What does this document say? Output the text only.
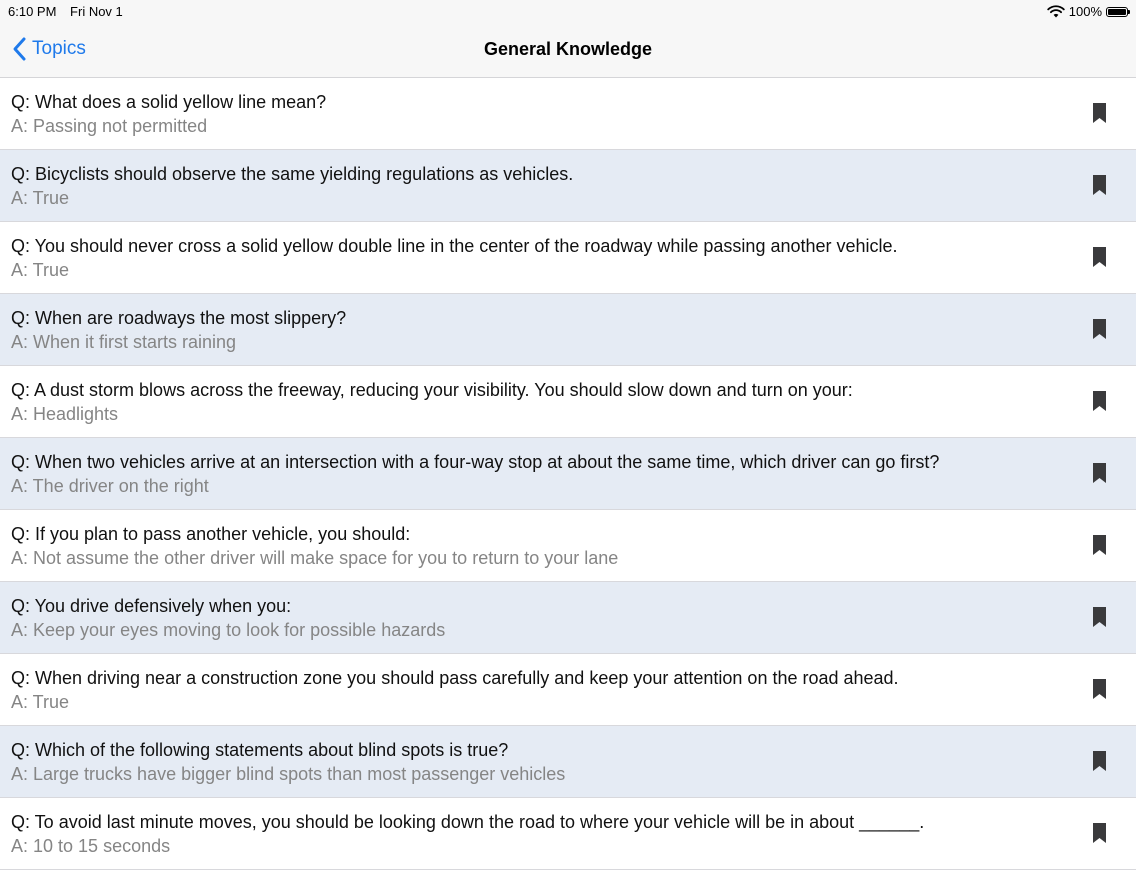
6:10 PM Fri Nov 1	100%
Topics	General Knowledge
Q: What does a solid yellow line mean?
A: Passing not permitted
Q: Bicyclists should observe the same yielding regulations as vehicles.
A: True
Q: You should never cross a solid yellow double line in the center of the roadway while passing another vehicle.
A: True
Q: When are roadways the most slippery?
A: When it first starts raining
Q: A dust storm blows across the freeway, reducing your visibility. You should slow down and turn on your:
A: Headlights
Q: When two vehicles arrive at an intersection with a four-way stop at about the same time, which driver can go first?
A: The driver on the right
Q: If you plan to pass another vehicle, you should:
A: Not assume the other driver will make space for you to return to your lane
Q: You drive defensively when you:
A: Keep your eyes moving to look for possible hazards
Q: When driving near a construction zone you should pass carefully and keep your attention on the road ahead.
A: True
Q: Which of the following statements about blind spots is true?
A: Large trucks have bigger blind spots than most passenger vehicles
Q: To avoid last minute moves, you should be looking down the road to where your vehicle will be in about ______.
A: 10 to 15 seconds
